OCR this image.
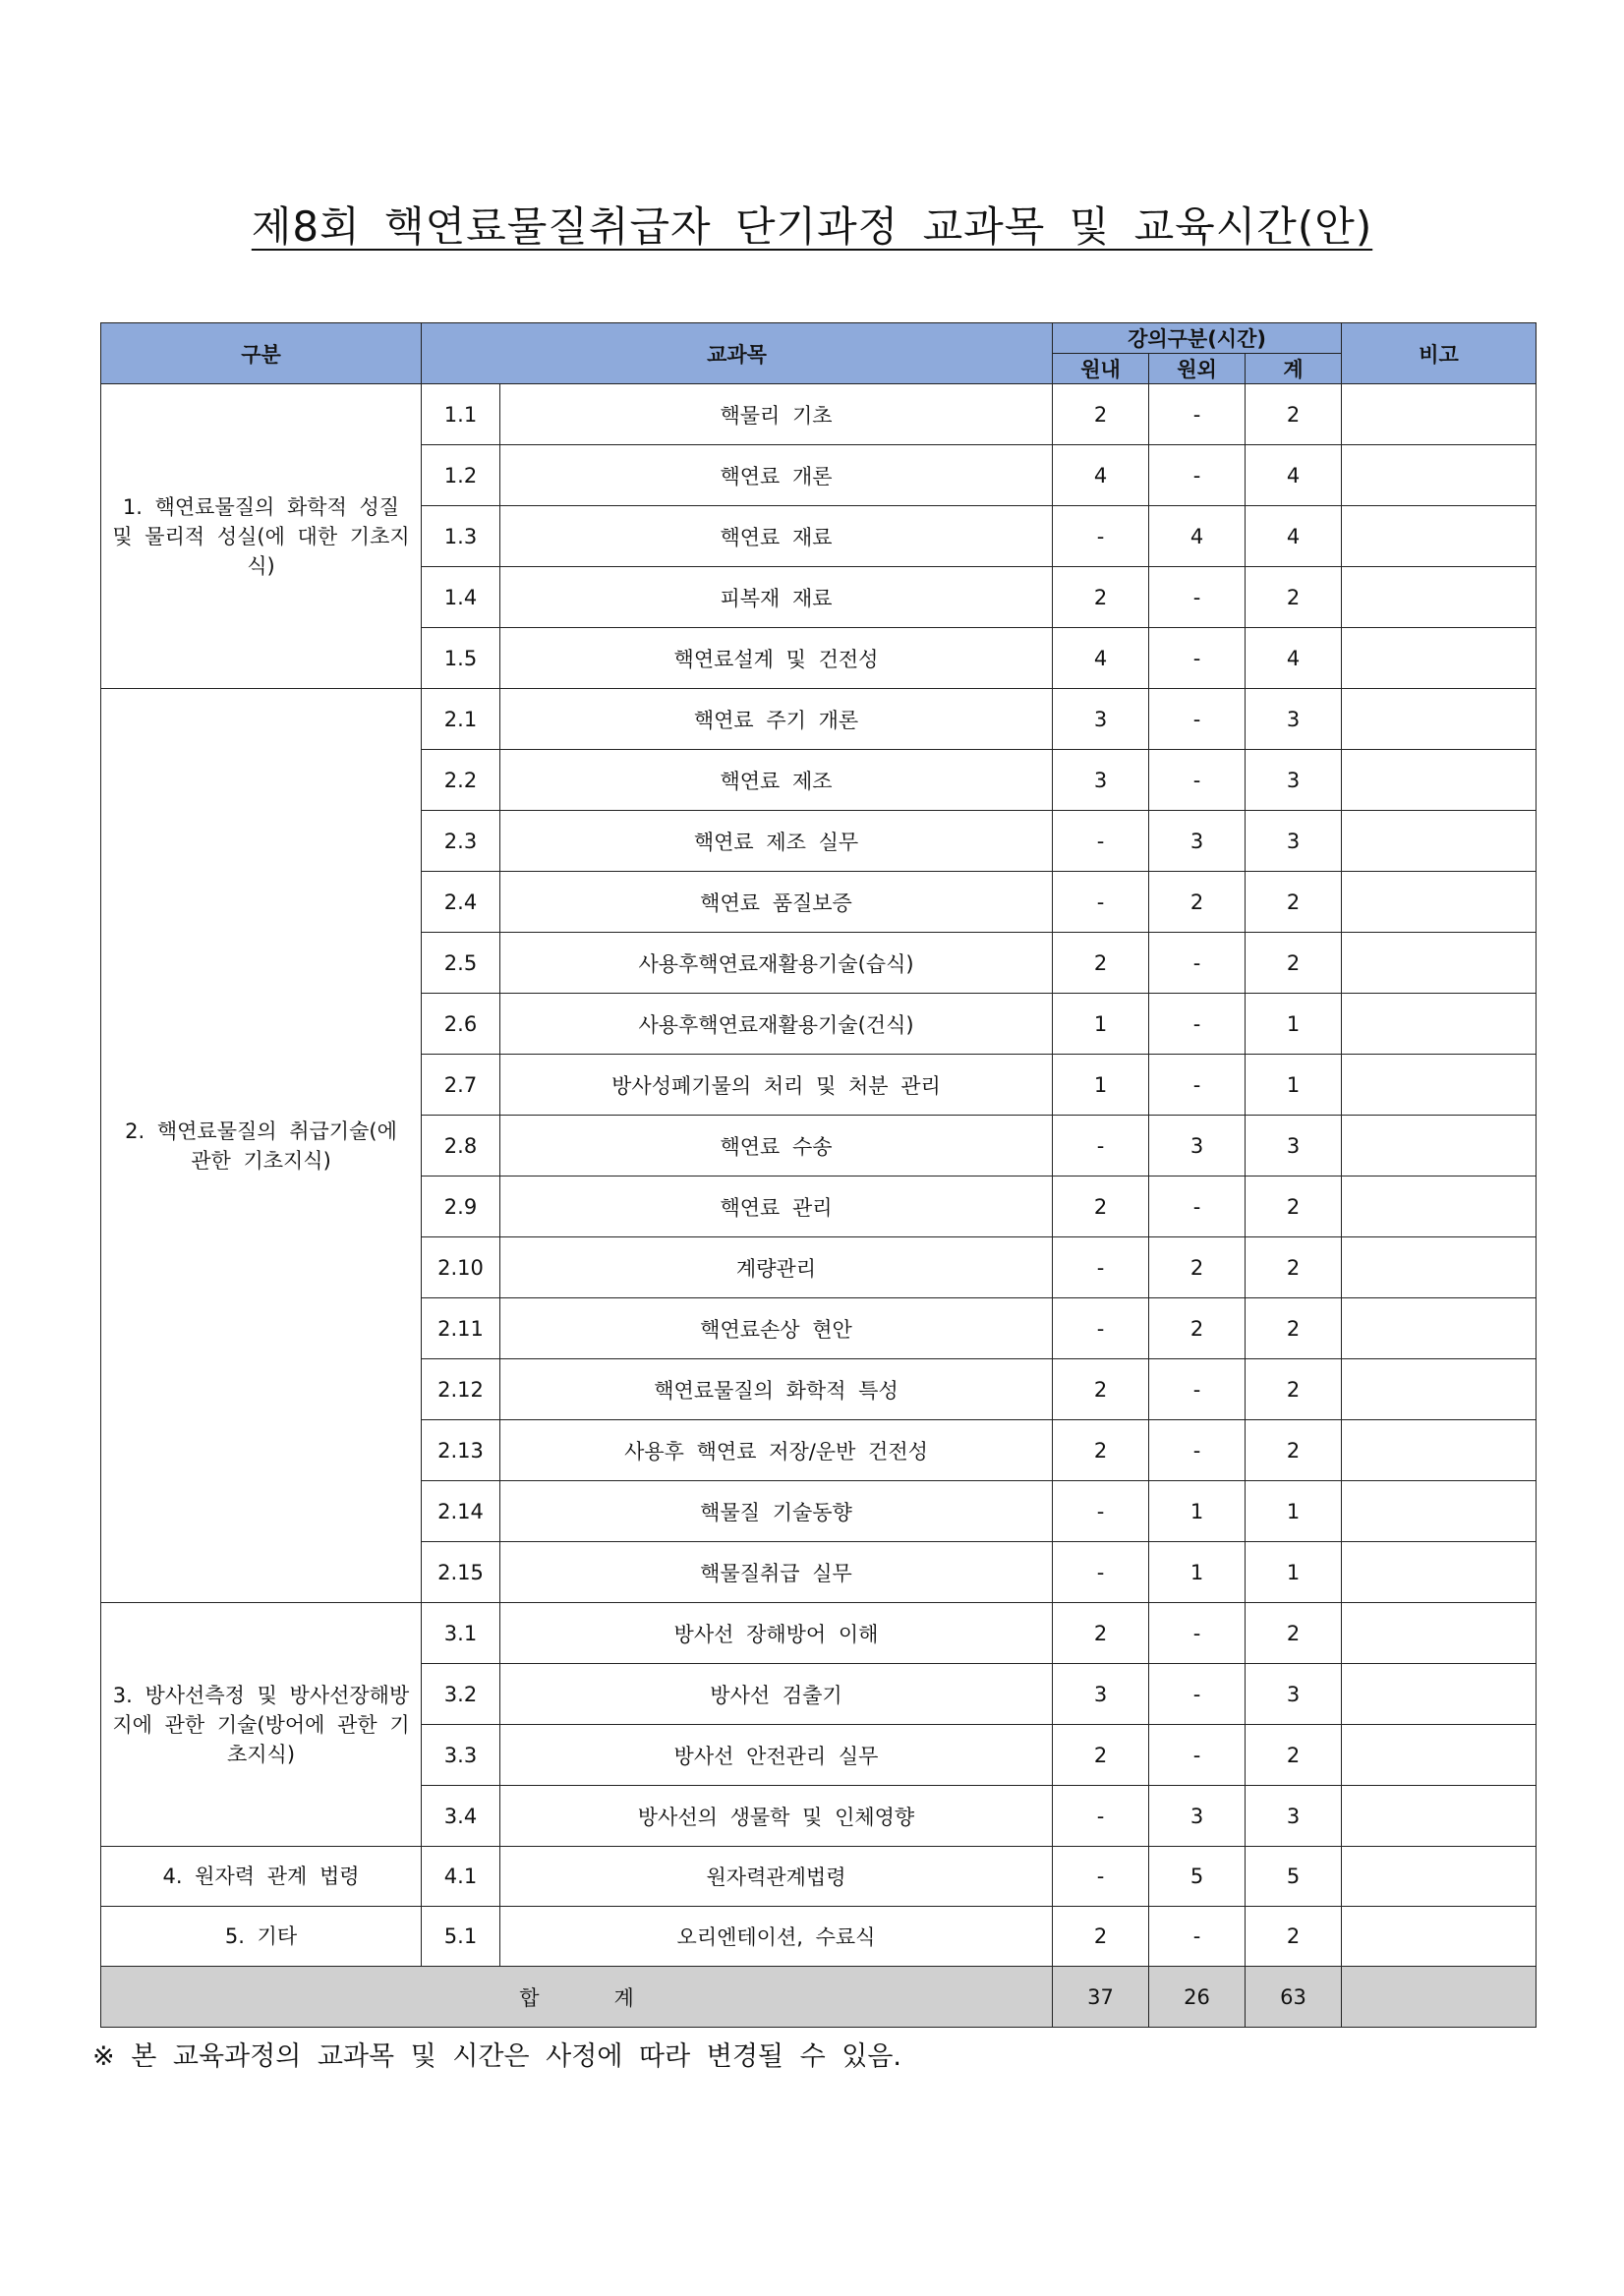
제8회 핵연료물질취급자 단기과정 교과목 및 교육시간(안)
구분	교과목		강의구분(시간)			비고
			원내	원외	계	
1. 핵연료물질의 화학적 성질 및 물리적 성실(에 대한 기초지식)	1.1	핵물리 기초	2	-	2	
	1.2	핵연료 개론	4	-	4	
	1.3	핵연료 재료	-	4	4	
	1.4	피복재 재료	2	-	2	
	1.5	핵연료설계 및 건전성	4	-	4	
2. 핵연료물질의 취급기술(에 관한 기초지식)	2.1	핵연료 주기 개론	3	-	3	
	2.2	핵연료 제조	3	-	3	
	2.3	핵연료 제조 실무	-	3	3	
	2.4	핵연료 품질보증	-	2	2	
	2.5	사용후핵연료재활용기술(습식)	2	-	2	
	2.6	사용후핵연료재활용기술(건식)	1	-	1	
	2.7	방사성폐기물의 처리 및 처분 관리	1	-	1	
	2.8	핵연료 수송	-	3	3	
	2.9	핵연료 관리	2	-	2	
	2.10	계량관리	-	2	2	
	2.11	핵연료손상 현안	-	2	2	
	2.12	핵연료물질의 화학적 특성	2	-	2	
	2.13	사용후 핵연료 저장/운반 건전성	2	-	2	
	2.14	핵물질 기술동향	-	1	1	
	2.15	핵물질취급 실무	-	1	1	
3. 방사선측정 및 방사선장해방지에 관한 기술(방어에 관한 기초지식)	3.1	방사선 장해방어 이해	2	-	2	
	3.2	방사선 검출기	3	-	3	
	3.3	방사선 안전관리 실무	2	-	2	
	3.4	방사선의 생물학 및 인체영향	-	3	3	
4. 원자력 관계 법령	4.1	원자력관계법령	-	5	5	
5. 기타	5.1	오리엔테이션, 수료식	2	-	2	
합      계			37	26	63	
※ 본 교육과정의 교과목 및 시간은 사정에 따라 변경될 수 있음.
